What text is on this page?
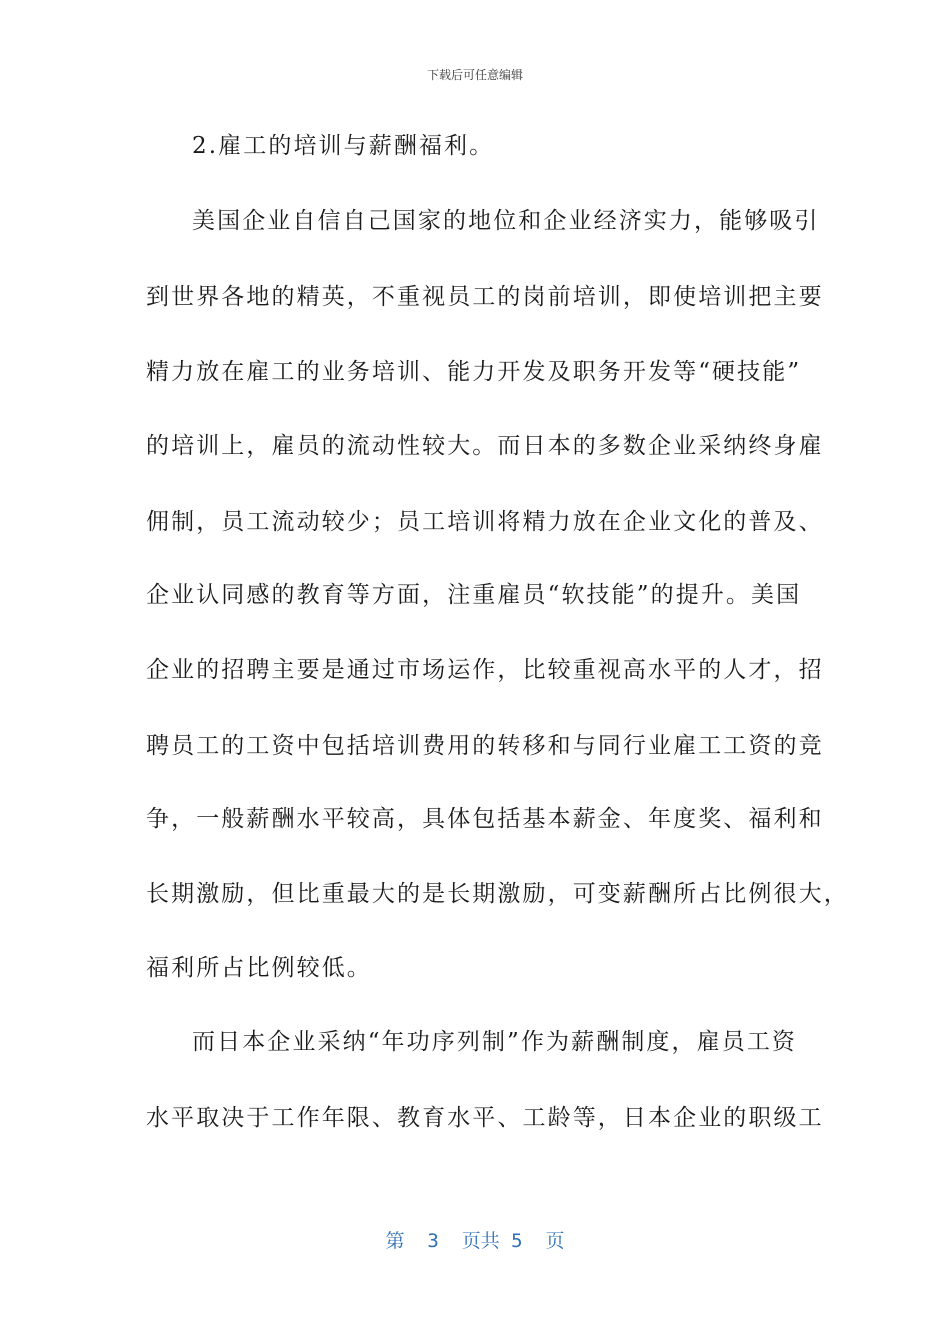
下载后可任意编辑
2.雇工的培训与薪酬福利。
美国企业自信自己国家的地位和企业经济实力，能够吸引
到世界各地的精英，不重视员工的岗前培训，即使培训把主要
精力放在雇工的业务培训、能力开发及职务开发等“硬技能”
的培训上，雇员的流动性较大。而日本的多数企业采纳终身雇
佣制，员工流动较少；员工培训将精力放在企业文化的普及、
企业认同感的教育等方面，注重雇员“软技能”的提升。美国
企业的招聘主要是通过市场运作，比较重视高水平的人才，招
聘员工的工资中包括培训费用的转移和与同行业雇工工资的竞
争，一般薪酬水平较高，具体包括基本薪金、年度奖、福利和
长期激励，但比重最大的是长期激励，可变薪酬所占比例很大，
福利所占比例较低。
而日本企业采纳“年功序列制”作为薪酬制度，雇员工资
水平取决于工作年限、教育水平、工龄等，日本企业的职级工
第  3  页共 5  页
